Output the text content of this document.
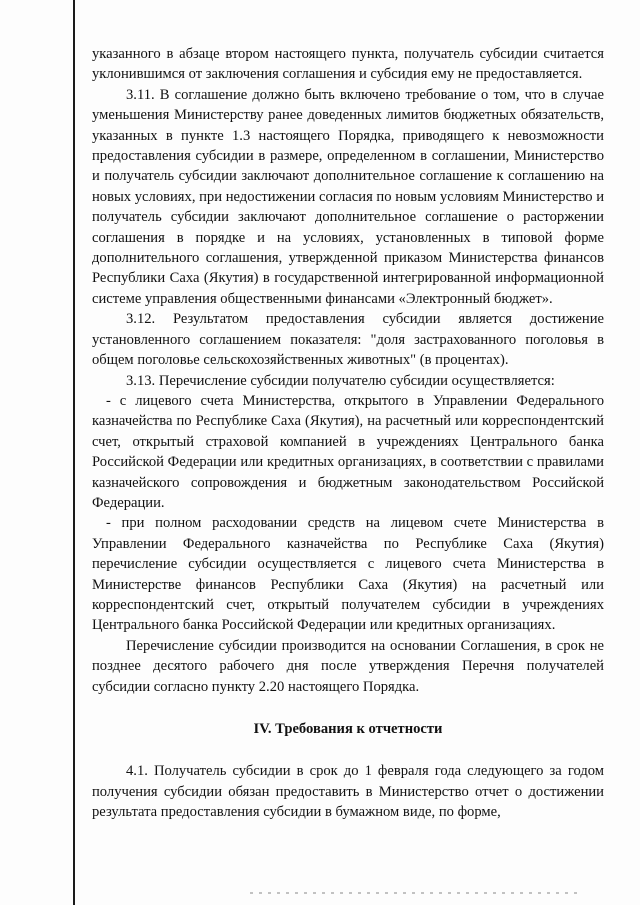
указанного в абзаце втором настоящего пункта, получатель субсидии считается уклонившимся от заключения соглашения и субсидия ему не предоставляется.

3.11. В соглашение должно быть включено требование о том, что в случае уменьшения Министерству ранее доведенных лимитов бюджетных обязательств, указанных в пункте 1.3 настоящего Порядка, приводящего к невозможности предоставления субсидии в размере, определенном в соглашении, Министерство и получатель субсидии заключают дополнительное соглашение к соглашению на новых условиях, при недостижении согласия по новым условиям Министерство и получатель субсидии заключают дополнительное соглашение о расторжении соглашения в порядке и на условиях, установленных в типовой форме дополнительного соглашения, утвержденной приказом Министерства финансов Республики Саха (Якутия) в государственной интегрированной информационной системе управления общественными финансами «Электронный бюджет».

3.12. Результатом предоставления субсидии является достижение установленного соглашением показателя: "доля застрахованного поголовья в общем поголовье сельскохозяйственных животных" (в процентах).

3.13. Перечисление субсидии получателю субсидии осуществляется:

- с лицевого счета Министерства, открытого в Управлении Федерального казначейства по Республике Саха (Якутия), на расчетный или корреспондентский счет, открытый страховой компанией в учреждениях Центрального банка Российской Федерации или кредитных организациях, в соответствии с правилами казначейского сопровождения и бюджетным законодательством Российской Федерации.

- при полном расходовании средств на лицевом счете Министерства в Управлении Федерального казначейства по Республике Саха (Якутия) перечисление субсидии осуществляется с лицевого счета Министерства в Министерстве финансов Республики Саха (Якутия) на расчетный или корреспондентский счет, открытый получателем субсидии в учреждениях Центрального банка Российской Федерации или кредитных организациях.

Перечисление субсидии производится на основании Соглашения, в срок не позднее десятого рабочего дня после утверждения Перечня получателей субсидии согласно пункту 2.20 настоящего Порядка.

IV. Требования к отчетности

4.1. Получатель субсидии в срок до 1 февраля года следующего за годом получения субсидии обязан предоставить в Министерство отчет о достижении результата предоставления субсидии в бумажном виде, по форме,
